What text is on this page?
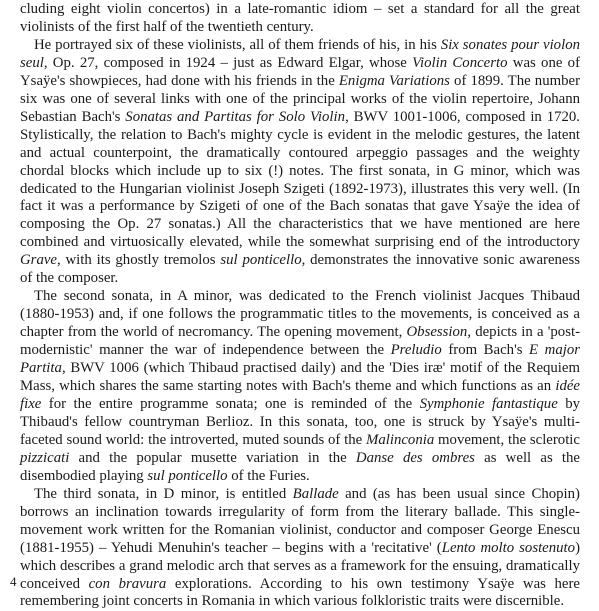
cluding eight violin concertos) in a late-romantic idiom – set a standard for all the great violinists of the first half of the twentieth century.

He portrayed six of these violinists, all of them friends of his, in his Six sonates pour violon seul, Op. 27, composed in 1924 – just as Edward Elgar, whose Violin Concerto was one of Ysaÿe's showpieces, had done with his friends in the Enigma Variations of 1899. The number six was one of several links with one of the principal works of the violin repertoire, Johann Sebastian Bach's Sonatas and Partitas for Solo Violin, BWV 1001-1006, composed in 1720. Stylistically, the relation to Bach's mighty cycle is evident in the melodic gestures, the latent and actual counterpoint, the dramatically contoured arpeggio passages and the weighty chordal blocks which include up to six (!) notes. The first sonata, in G minor, which was dedicated to the Hungarian violinist Joseph Szigeti (1892-1973), illustrates this very well. (In fact it was a performance by Szigeti of one of the Bach sonatas that gave Ysaÿe the idea of composing the Op. 27 sonatas.) All the characteristics that we have mentioned are here combined and virtuosically elevated, while the somewhat surprising end of the introductory Grave, with its ghostly tremolos sul ponticello, demonstrates the innovative sonic awareness of the composer.

The second sonata, in A minor, was dedicated to the French violinist Jacques Thibaud (1880-1953) and, if one follows the programmatic titles to the movements, is conceived as a chapter from the world of necromancy. The opening movement, Obsession, depicts in a 'post-modernistic' manner the war of independence between the Preludio from Bach's E major Partita, BWV 1006 (which Thibaud practised daily) and the 'Dies iræ' motif of the Requiem Mass, which shares the same starting notes with Bach's theme and which functions as an idée fixe for the entire programme sonata; one is reminded of the Symphonie fantastique by Thibaud's fellow countryman Berlioz. In this sonata, too, one is struck by Ysaÿe's multi-faceted sound world: the introverted, muted sounds of the Malinconia movement, the sclerotic pizzicati and the popular musette variation in the Danse des ombres as well as the disembodied playing sul ponticello of the Furies.

The third sonata, in D minor, is entitled Ballade and (as has been usual since Chopin) borrows an inclination towards irregularity of form from the literary ballade. This single-movement work written for the Romanian violinist, conductor and composer George Enescu (1881-1955) – Yehudi Menuhin's teacher – begins with a 'recitative' (Lento molto sostenuto) which describes a grand melodic arch that serves as a framework for the ensuing, dramatically conceived con bravura explorations. According to his own testimony Ysaÿe was here remembering joint concerts in Romania in which various folkloristic traits were discernible.

4
